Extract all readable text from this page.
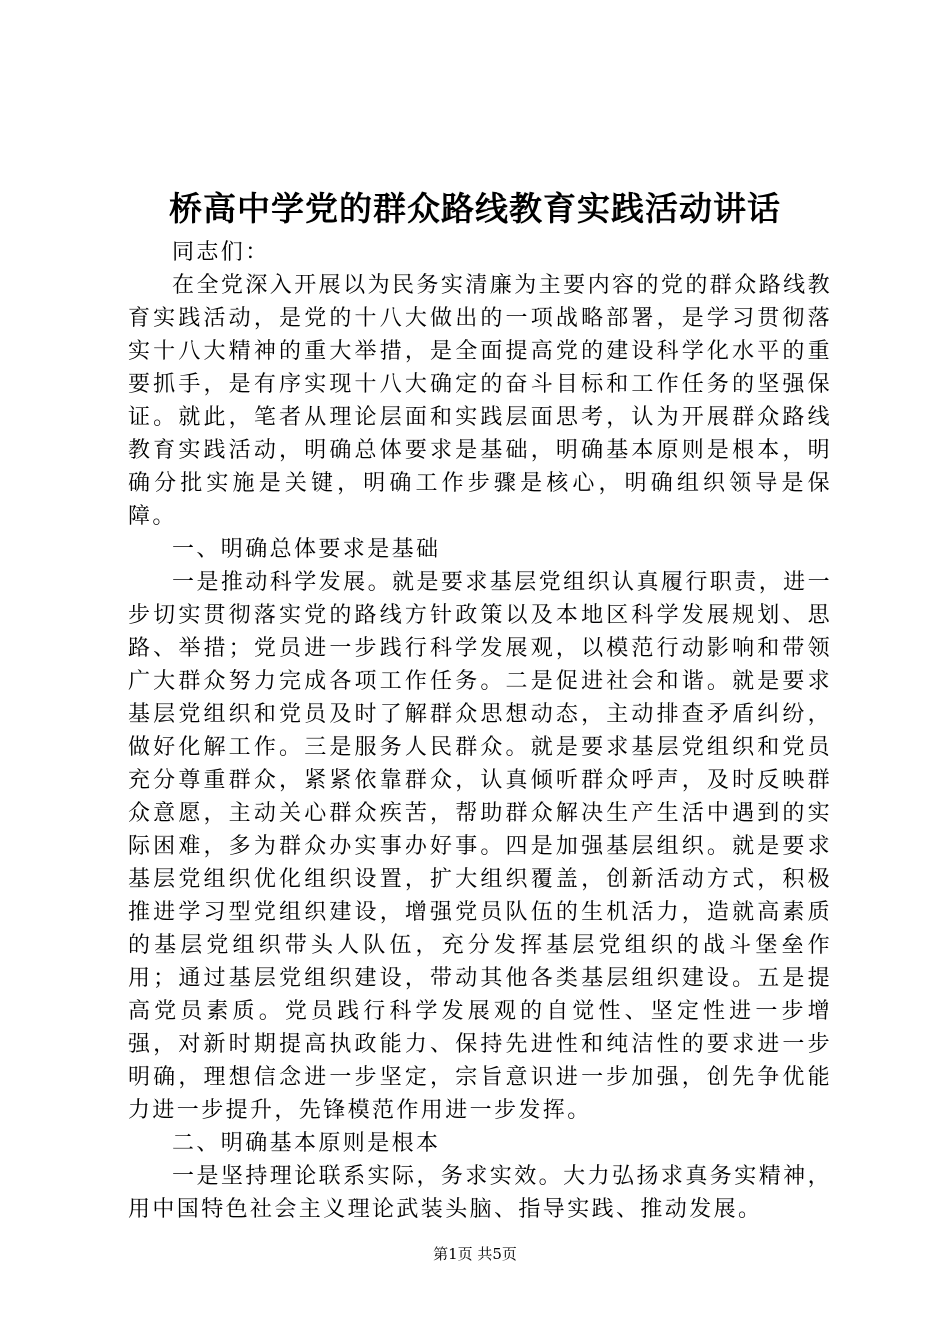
桥高中学党的群众路线教育实践活动讲话

同志们：

在全党深入开展以为民务实清廉为主要内容的党的群众路线教育实践活动，是党的十八大做出的一项战略部署，是学习贯彻落实十八大精神的重大举措，是全面提高党的建设科学化水平的重要抓手，是有序实现十八大确定的奋斗目标和工作任务的坚强保证。就此，笔者从理论层面和实践层面思考，认为开展群众路线教育实践活动，明确总体要求是基础，明确基本原则是根本，明确分批实施是关键，明确工作步骤是核心，明确组织领导是保障。

一、明确总体要求是基础

一是推动科学发展。就是要求基层党组织认真履行职责，进一步切实贯彻落实党的路线方针政策以及本地区科学发展规划、思路、举措；党员进一步践行科学发展观，以模范行动影响和带领广大群众努力完成各项工作任务。二是促进社会和谐。就是要求基层党组织和党员及时了解群众思想动态，主动排查矛盾纠纷，做好化解工作。三是服务人民群众。就是要求基层党组织和党员充分尊重群众，紧紧依靠群众，认真倾听群众呼声，及时反映群众意愿，主动关心群众疾苦，帮助群众解决生产生活中遇到的实际困难，多为群众办实事办好事。四是加强基层组织。就是要求基层党组织优化组织设置，扩大组织覆盖，创新活动方式，积极推进学习型党组织建设，增强党员队伍的生机活力，造就高素质的基层党组织带头人队伍，充分发挥基层党组织的战斗堡垒作用；通过基层党组织建设，带动其他各类基层组织建设。五是提高党员素质。党员践行科学发展观的自觉性、坚定性进一步增强，对新时期提高执政能力、保持先进性和纯洁性的要求进一步明确，理想信念进一步坚定，宗旨意识进一步加强，创先争优能力进一步提升，先锋模范作用进一步发挥。

二、明确基本原则是根本

一是坚持理论联系实际，务求实效。大力弘扬求真务实精神，用中国特色社会主义理论武装头脑、指导实践、推动发展。

第1页 共5页
